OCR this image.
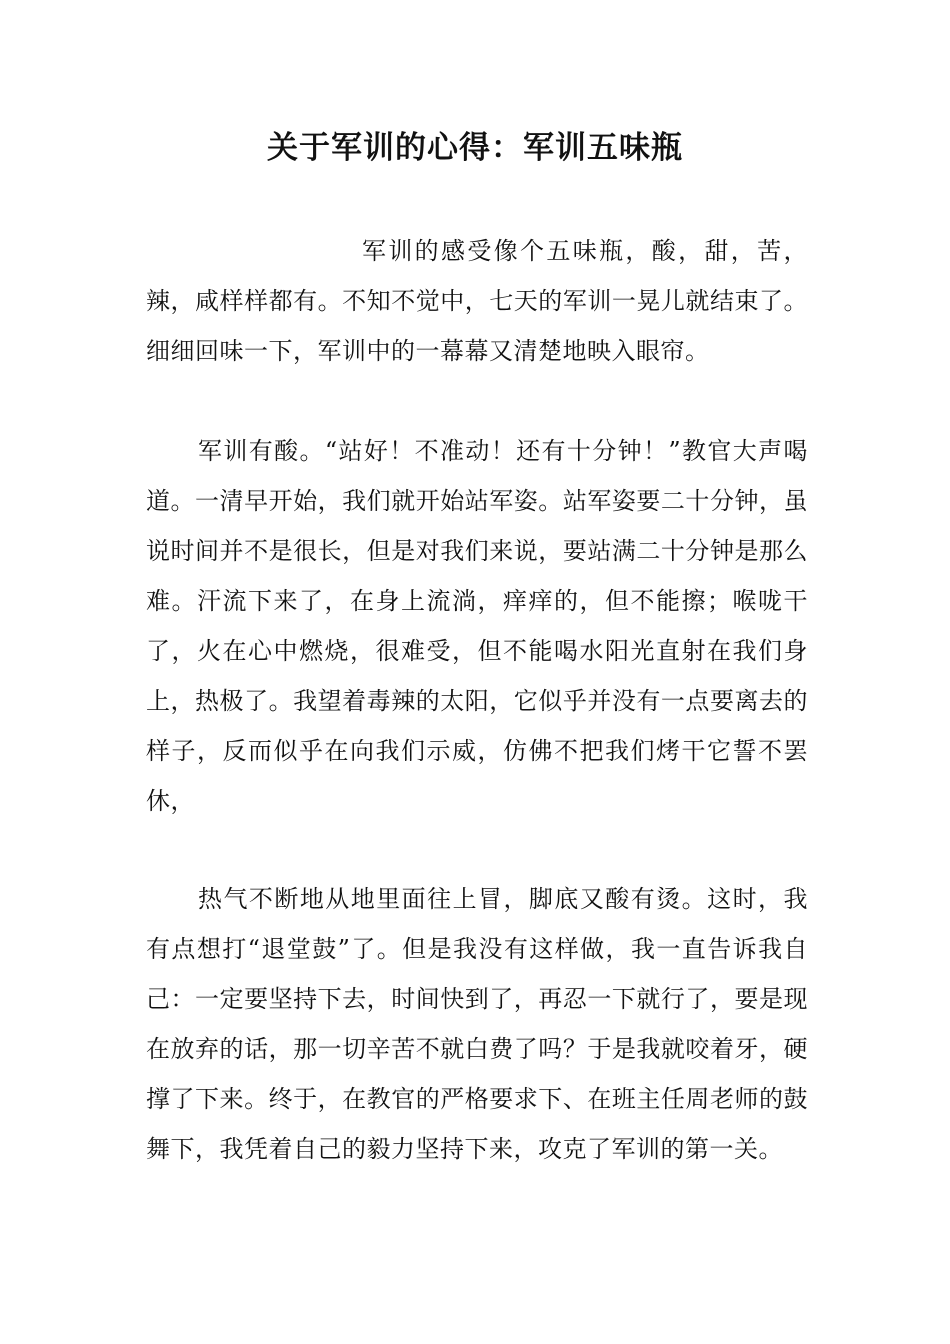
关于军训的心得：军训五味瓶

军训的感受像个五味瓶，酸，甜，苦，辣，咸样样都有。不知不觉中，七天的军训一晃儿就结束了。细细回味一下，军训中的一幕幕又清楚地映入眼帘。

军训有酸。“站好！不准动！还有十分钟！”教官大声喝道。一清早开始，我们就开始站军姿。站军姿要二十分钟，虽说时间并不是很长，但是对我们来说，要站满二十分钟是那么难。汗流下来了，在身上流淌，痒痒的，但不能擦；喉咙干了，火在心中燃烧，很难受，但不能喝水阳光直射在我们身上，热极了。我望着毒辣的太阳，它似乎并没有一点要离去的样子，反而似乎在向我们示威，仿佛不把我们烤干它誓不罢休，

热气不断地从地里面往上冒，脚底又酸有烫。这时，我有点想打“退堂鼓”了。但是我没有这样做，我一直告诉我自己：一定要坚持下去，时间快到了，再忍一下就行了，要是现在放弃的话，那一切辛苦不就白费了吗？于是我就咬着牙，硬撑了下来。终于，在教官的严格要求下、在班主任周老师的鼓舞下，我凭着自己的毅力坚持下来，攻克了军训的第一关。
